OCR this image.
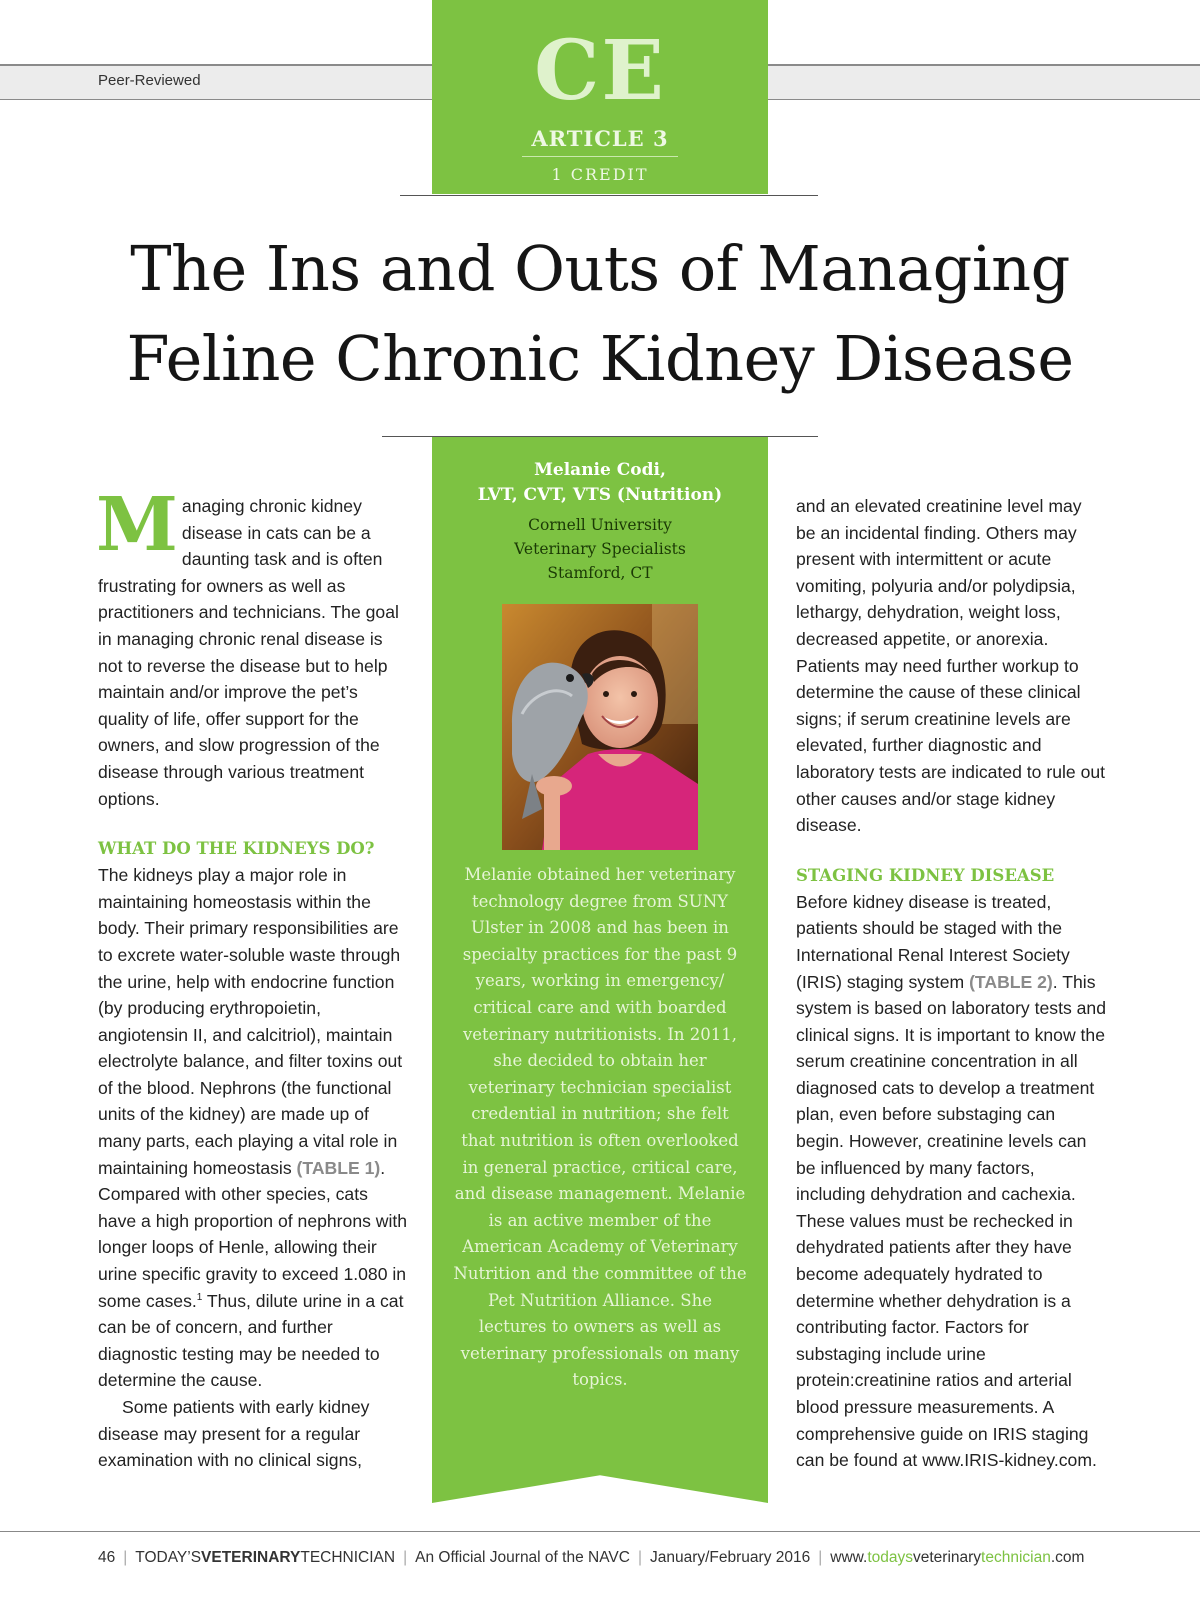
Peer-Reviewed	CE
ARTICLE 3
1 CREDIT
The Ins and Outs of Managing
Feline Chronic Kidney Disease
Melanie Codi,
LVT, CVT, VTS (Nutrition)
Cornell University
Veterinary Specialists
Stamford, CT
Melanie obtained her veterinary technology degree from SUNY Ulster in 2008 and has been in specialty practices for the past 9 years, working in emergency/ critical care and with boarded veterinary nutritionists. In 2011, she decided to obtain her veterinary technician specialist credential in nutrition; she felt that nutrition is often overlooked in general practice, critical care, and disease management. Melanie is an active member of the American Academy of Veterinary Nutrition and the committee of the Pet Nutrition Alliance. She lectures to owners as well as veterinary professionals on many topics.

Managing chronic kidney disease in cats can be a daunting task and is often frustrating for owners as well as practitioners and technicians. The goal in managing chronic renal disease is not to reverse the disease but to help maintain and/or improve the pet’s quality of life, offer support for the owners, and slow progression of the disease through various treatment options.

WHAT DO THE KIDNEYS DO?

The kidneys play a major role in maintaining homeostasis within the body. Their primary responsibilities are to excrete water-soluble waste through the urine, help with endocrine function (by producing erythropoietin, angiotensin II, and calcitriol), maintain electrolyte balance, and filter toxins out of the blood. Nephrons (the functional units of the kidney) are made up of many parts, each playing a vital role in maintaining homeostasis (TABLE 1). Compared with other species, cats have a high proportion of nephrons with longer loops of Henle, allowing their urine specific gravity to exceed 1.080 in some cases.$^1$ Thus, dilute urine in a cat can be of concern, and further diagnostic testing may be needed to determine the cause.

Some patients with early kidney disease may present for a regular examination with no clinical signs,

and an elevated creatinine level may be an incidental finding. Others may present with intermittent or acute vomiting, polyuria and/or polydipsia, lethargy, dehydration, weight loss, decreased appetite, or anorexia. Patients may need further workup to determine the cause of these clinical signs; if serum creatinine levels are elevated, further diagnostic and laboratory tests are indicated to rule out other causes and/or stage kidney disease.

STAGING KIDNEY DISEASE

Before kidney disease is treated, patients should be staged with the International Renal Interest Society (IRIS) staging system (TABLE 2). This system is based on laboratory tests and clinical signs. It is important to know the serum creatinine concentration in all diagnosed cats to develop a treatment plan, even before substaging can begin. However, creatinine levels can be influenced by many factors, including dehydration and cachexia. These values must be rechecked in dehydrated patients after they have become adequately hydrated to determine whether dehydration is a contributing factor. Factors for substaging include urine protein:creatinine ratios and arterial blood pressure measurements. A comprehensive guide on IRIS staging can be found at www.IRIS-kidney.com.

46 | TODAY’SVETERINARYTECHNICIAN | An Official Journal of the NAVC | January/February 2016 | www.todaysveterinarytechnician.com
